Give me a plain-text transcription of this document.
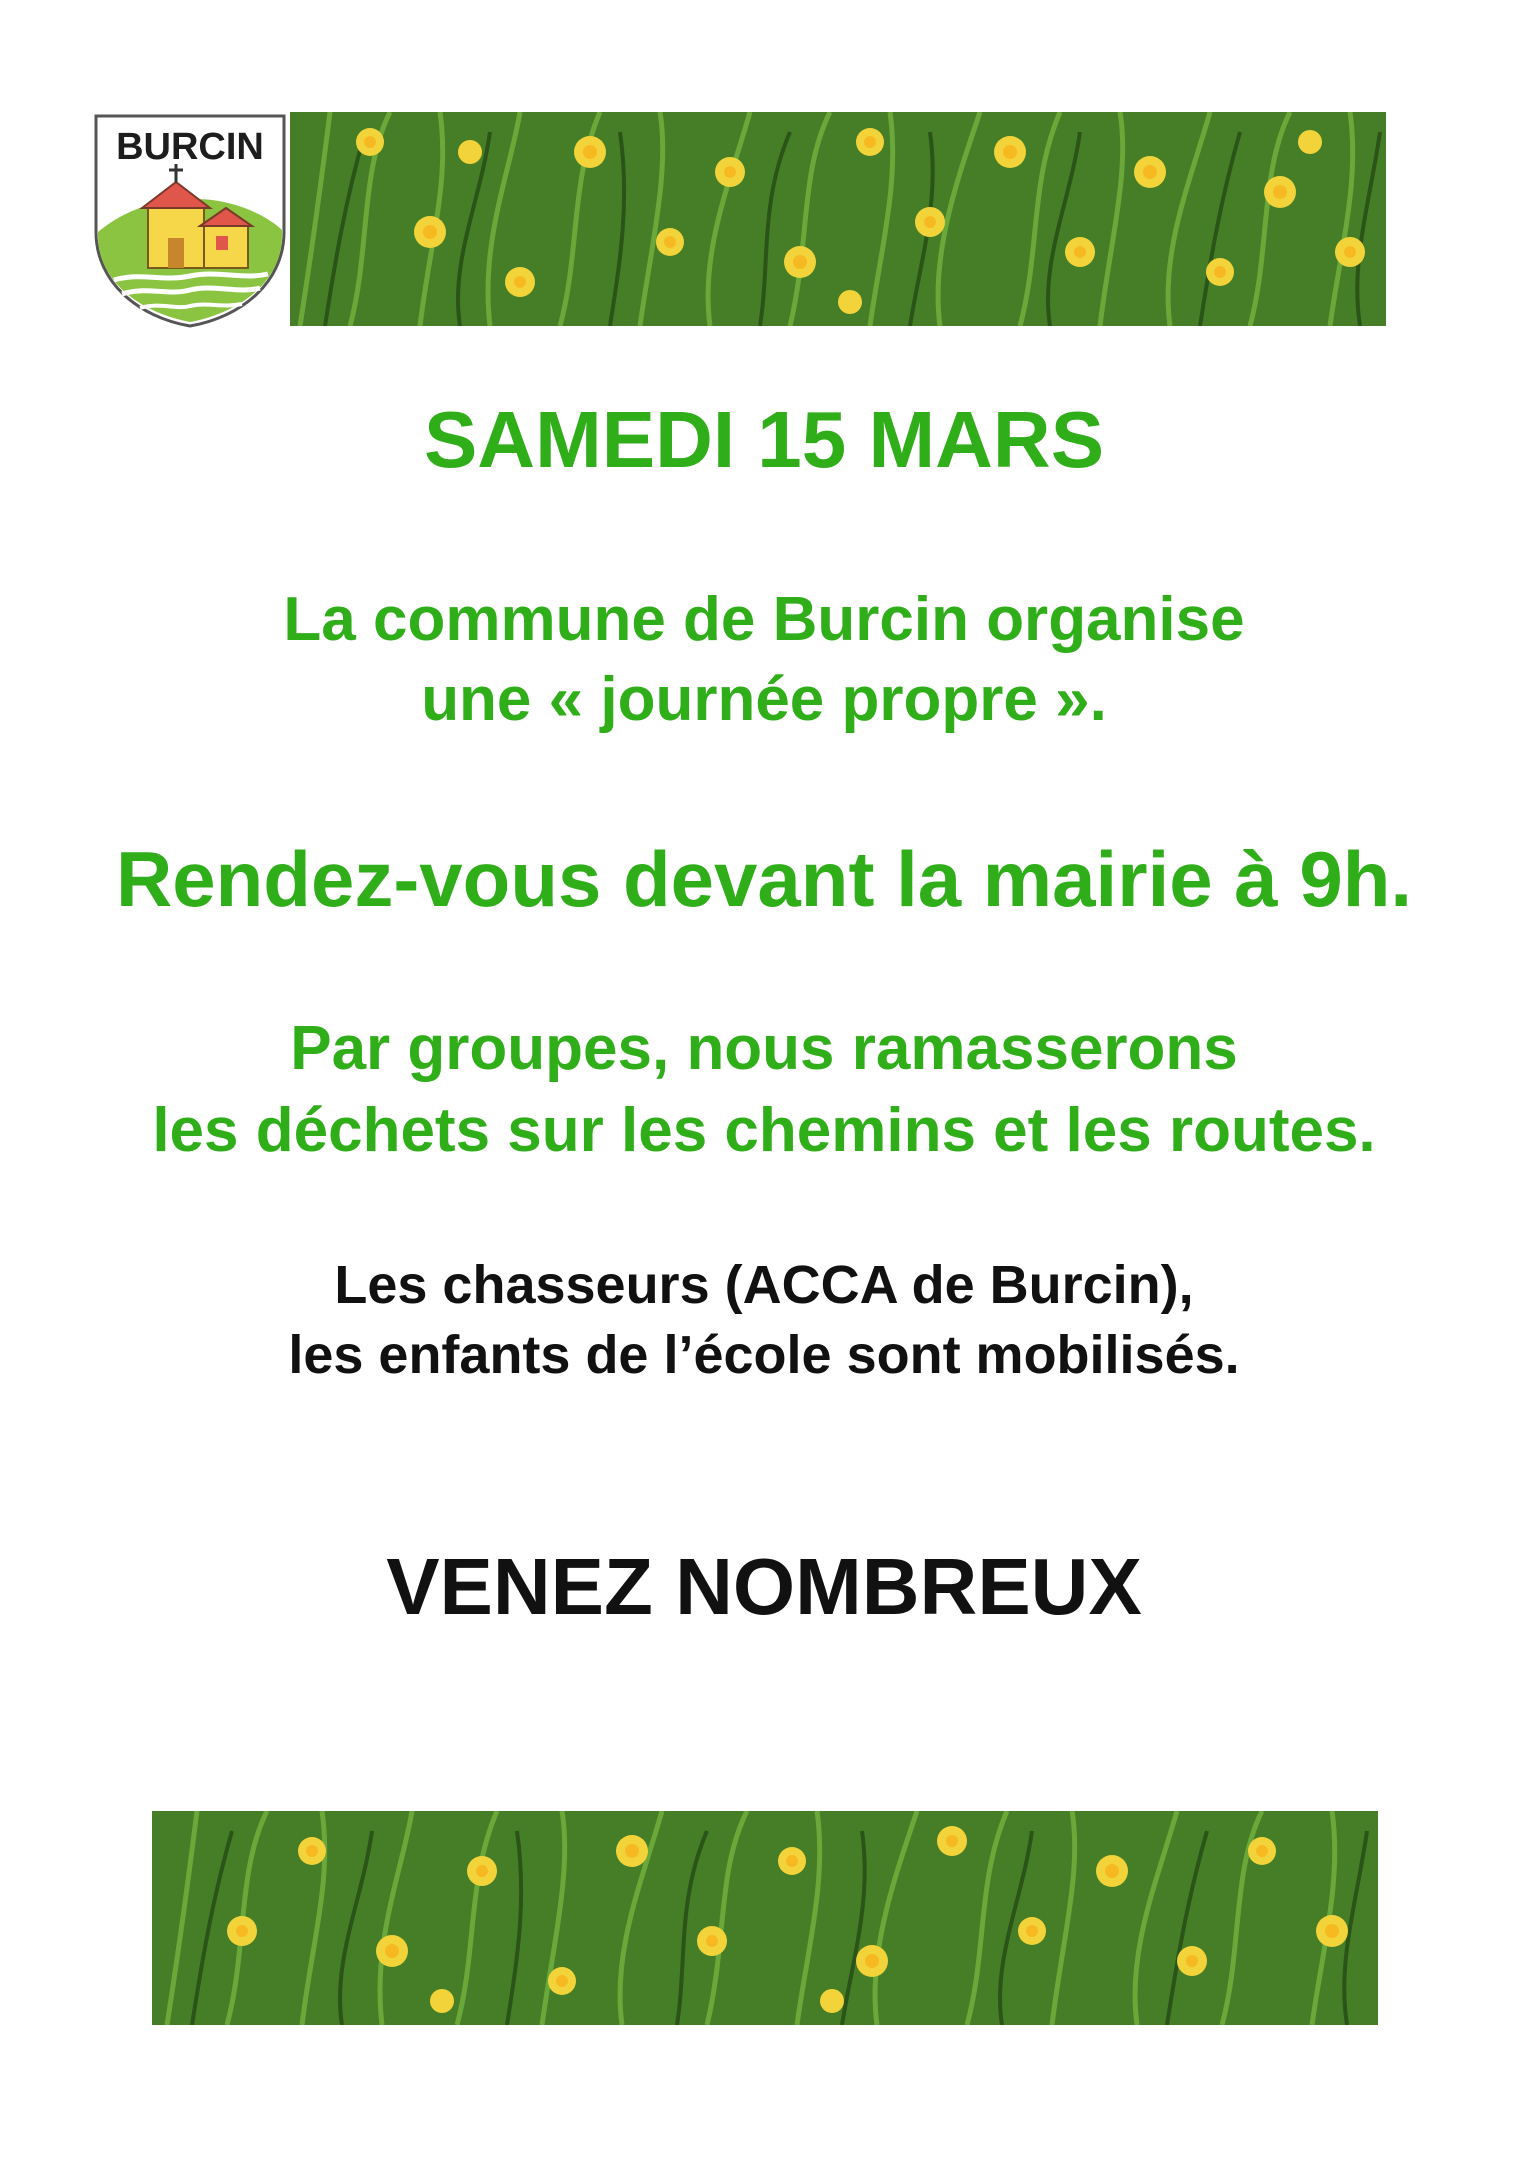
BURCIN
SAMEDI 15 MARS

La commune de Burcin organise

une « journée propre ».

Rendez-vous devant la mairie à 9h.

Par groupes, nous ramasserons

les déchets sur les chemins et les routes.

Les chasseurs (ACCA de Burcin),

les enfants de l’école sont mobilisés.

VENEZ NOMBREUX
